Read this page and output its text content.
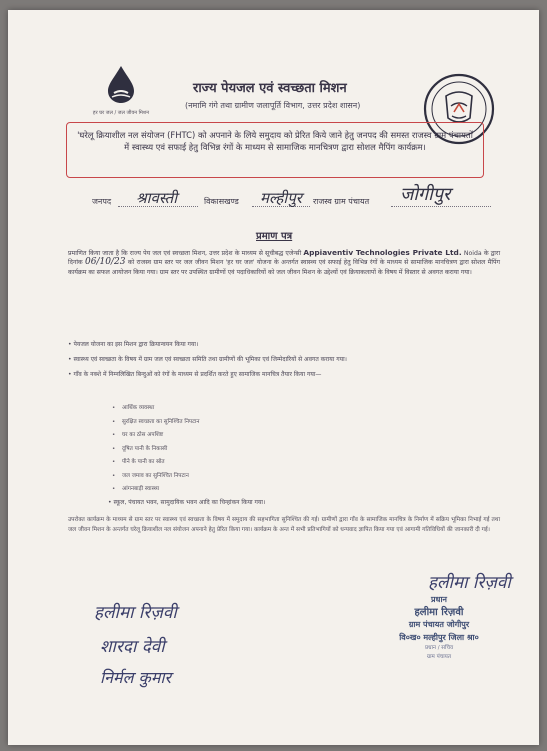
हर घर जल / जल जीवन मिशन
राज्य पेयजल एवं स्वच्छता मिशन
(नमामि गंगे तथा ग्रामीण जलापूर्ति विभाग, उत्तर प्रदेश शासन)
'घरेलू क्रियाशील नल संयोजन (FHTC) को अपनाने के लिये समुदाय को प्रेरित किये जाने हेतु जनपद की समस्त राजस्व ग्राम पंचायतों में स्वास्थ्य एवं सफाई हेतु विभिन्न रंगों के माध्यम से सामाजिक मानचित्रण द्वारा सोशल मैपिंग कार्यक्रम।
जनपद श्रावस्ती	विकासखण्ड मल्हीपुर राजस्व ग्राम पंचायत जोगीपुर
प्रमाण पत्र
प्रमाणित किया जाता है कि राज्य पेय जल एवं स्वच्छता मिशन, उत्तर प्रदेश के माध्यम से सूचीबद्ध एजेन्सी Appiaventiv Technologies Private Ltd. Noida के द्वारा दिनांक 06/10/23 को राजस्व ग्राम स्तर पर जल जीवन मिशन 'हर घर जल' योजना के अन्तर्गत स्वास्थ्य एवं सफाई हेतु विभिन्न रंगों के माध्यम से सामाजिक मानचित्रण द्वारा सोशल मैपिंग कार्यक्रम का सफल आयोजन किया गया। ग्राम स्तर पर उपस्थित ग्रामीणों एवं पदाधिकारियों को जल जीवन मिशन के उद्देश्यों एवं क्रियाकलापों के विषय में विस्तार से अवगत कराया गया।
• पेयजल योजना का इस मिशन द्वारा क्रियान्वयन किया गया।
• स्वास्थ्य एवं स्वच्छता के विषय में ग्राम जल एवं स्वच्छता समिति तथा ग्रामीणों की भूमिका एवं जिम्मेदारियों से अवगत कराया गया।
• गाँव के नक्शे में निम्नलिखित बिन्दुओं को रंगों के माध्यम से प्रदर्शित करते हुए सामाजिक मानचित्र तैयार किया गया—
• आर्थिक व्यवस्था
• सुरक्षित स्वच्छता का सुनिश्चित निपटान
• घर का ठोस अपशिष्ट
• दूषित पानी के निकासी
• पीने के पानी का स्रोत
• जल जमाव का सुनिश्चित निपटान
• आंगनबाड़ी स्वास्थ्य
• स्कूल, पंचायत भवन, सामुदायिक भवन आदि का चिन्हांकन किया गया।
उपरोक्त कार्यक्रम के माध्यम से ग्राम स्तर पर स्वास्थ्य एवं स्वच्छता के विषय में समुदाय की सहभागिता सुनिश्चित की गई। ग्रामीणों द्वारा गाँव के सामाजिक मानचित्र के निर्माण में सक्रिय भूमिका निभाई गई तथा जल जीवन मिशन के अन्तर्गत घरेलू क्रियाशील नल संयोजन अपनाने हेतु प्रेरित किया गया। कार्यक्रम के अन्त में सभी प्रतिभागियों को धन्यवाद ज्ञापित किया गया एवं आगामी गतिविधियों की जानकारी दी गई।
हलीमा रिज़वी
शारदा देवी
निर्मल कुमार
हलीमा रिज़वी
प्रधान
हलीमा रिज़वी
ग्राम पंचायत जोगीपुर
वि०ख० मल्हीपुर जिला श्रा०
प्रधान / सचिव
ग्राम पंचायत
